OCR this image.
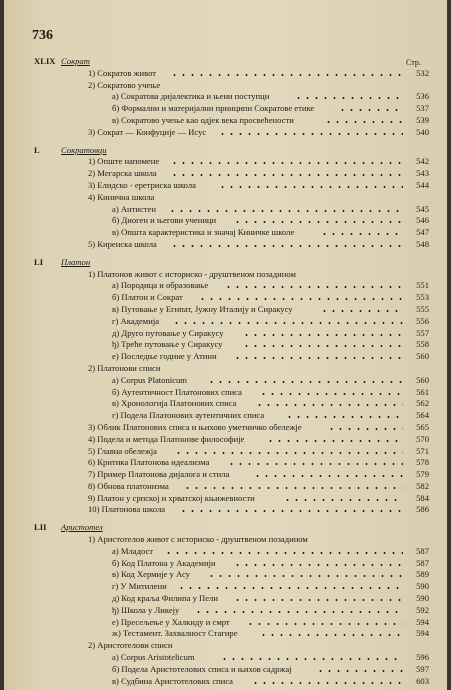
736
Стр.
XLIX Сократ
1) Сократов живот	532
2) Сократово учење
а) Сократова дијалектика и њени поступци	536
б) Формални и материјални принципи Сократове етике	537
в) Сократово учење кao одјек века просвећености	539
3) Сократ — Конфуције — Исус	540
L Сократовци
1) Опште напомене	542
2) Мегарска школа	543
3) Елидско - еретриска школа	544
4) Кинична школа
а) Антистен	545
б) Диоген и његови ученици	546
в) Општа карактеристика и значај Киничке школе	547
5) Киренска школа	548
LI Платон
1) Платонов живот с историско - друштвеном позадином
а) Породица и образовање	551
б) Платон и Сократ	553
в) Путовање у Египат, Јужну Италију и Сиракусу	555
г) Академија	556
д) Друго путовање у Сиракусу	557
ђ) Треће путовање у Сиракусу	558
е) Последње године у Атини	560
2) Платонови списи
а) Corpus Platonicum	560
б) Аутентичност Платонових списа	561
в) Хронологија Платонових списа	562
г) Подела Платонових аутентичних списа	564
3) Облик Платонових списа и њихово уметничко обележје	565
4) Подела и метода Платонове философије	570
5) Главна обележја	571
6) Критика Платонова идеализма	578
7) Пример Платонова дијалога и стила	579
8) Обнова платонизма	582
9) Платон у српској и хрватској књижевности	584
10) Платонова школа	586
LII Аристотел
1) Аристотелов живот с историско - друштвеном позадином
а) Младост	587
б) Код Платона у Академији	587
в) Код Хермије у Асу	589
г) У Митилени	590
д) Код краља Филипа у Пели	590
ђ) Школа у Ликеју	592
е) Пресељење у Халкиду и смрт	594
ж) Тестамент. Захвалност Стагире	594
2) Аристотелови списи
а) Corpus Aristotelicum	596
б) Подела Аристотелових списа и њихов садржај	597
в) Судбина Аристотелових списа	603
